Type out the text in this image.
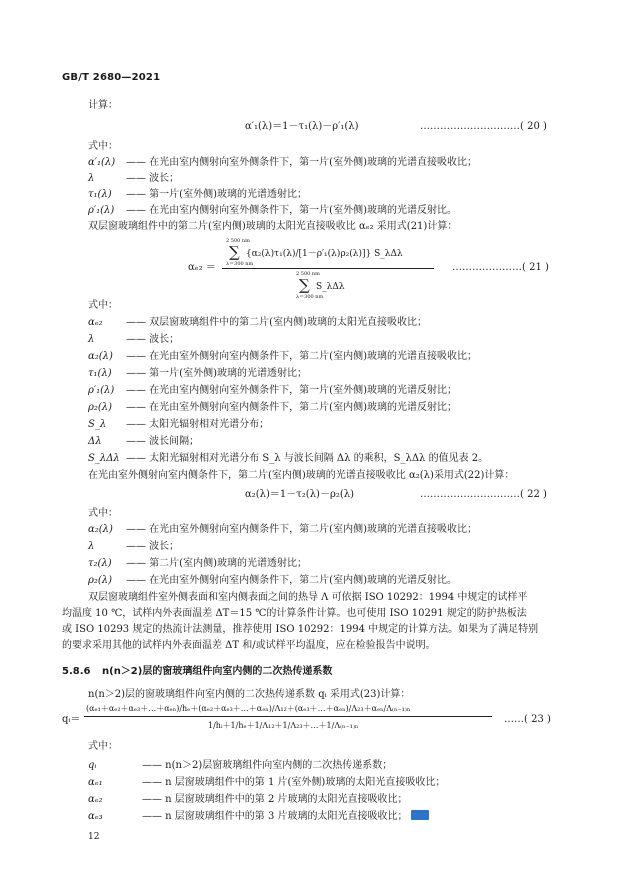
GB/T 2680—2021
计算：
α′₁(λ)＝1－τ₁(λ)－ρ′₁(λ)	…………………………( 20 )
式中：
α′₁(λ) —— 在光由室内侧射向室外侧条件下，第一片(室外侧)玻璃的光谱直接吸收比；
λ	—— 波长；
τ₁(λ) —— 第一片(室外侧)玻璃的光谱透射比；
ρ′₁(λ) —— 在光由室内侧射向室外侧条件下，第一片(室外侧)玻璃的光谱反射比。
双层窗玻璃组件中的第二片(室内侧)玻璃的太阳光直接吸收比 αₑ₂ 采用式(21)计算：
αₑ₂ ＝
2 500 nm
∑
λ＝300 nm
{α₂(λ)τ₁(λ)/[1－ρ′₁(λ)ρ₂(λ)]} S_λΔλ
2 500 nm
∑
λ＝300 nm
S_λΔλ
…………………( 21 )
式中：
αₑ₂ —— 双层窗玻璃组件中的第二片(室内侧)玻璃的太阳光直接吸收比；
λ	—— 波长；
α₂(λ) —— 在光由室外侧射向室内侧条件下，第二片(室内侧)玻璃的光谱直接吸收比；
τ₁(λ) —— 第一片(室外侧)玻璃的光谱透射比；
ρ′₁(λ) —— 在光由室内侧射向室外侧条件下，第一片(室外侧)玻璃的光谱反射比；
ρ₂(λ) —— 在光由室外侧射向室内侧条件下，第二片(室内侧)玻璃的光谱反射比；
S_λ —— 太阳光辐射相对光谱分布；
Δλ —— 波长间隔；
S_λΔλ —— 太阳光辐射相对光谱分布 S_λ 与波长间隔 Δλ 的乘积，S_λΔλ 的值见表 2。
在光由室外侧射向室内侧条件下，第二片(室内侧)玻璃的光谱直接吸收比 α₂(λ)采用式(22)计算：
α₂(λ)＝1－τ₂(λ)－ρ₂(λ)	…………………………( 22 )
式中：
α₂(λ) —— 在光由室外侧射向室内侧条件下，第二片(室内侧)玻璃的光谱直接吸收比；
λ	—— 波长；
τ₂(λ) —— 第二片(室内侧)玻璃的光谱透射比；
ρ₂(λ) —— 在光由室外侧射向室内侧条件下，第二片(室内侧)玻璃的光谱反射比。
双层窗玻璃组件室外侧表面和室内侧表面之间的热导 Λ 可依据 ISO 10292：1994 中规定的试样平
均温度 10 ℃，试样内外表面温差 ΔT＝15 ℃的计算条件计算。也可使用 ISO 10291 规定的防护热板法
或 ISO 10293 规定的热流计法测量，推荐使用 ISO 10292：1994 中规定的计算方法。如果为了满足特别
的要求采用其他的试样内外表面温差 ΔT 和/或试样平均温度，应在检验报告中说明。
5.8.6 n(n＞2)层的窗玻璃组件向室内侧的二次热传递系数
n(n＞2)层的窗玻璃组件向室内侧的二次热传递系数 qᵢ 采用式(23)计算：
qᵢ＝
(αₑ₁＋αₑ₂＋αₑ₃＋…＋αₑₙ)/hₑ＋(αₑ₂＋αₑ₃＋…＋αₑₙ)/Λ₁₂＋(αₑ₃＋…＋αₑₙ)/Λ₂₃＋αₑₙ/Λ₍ₙ₋₁₎ₙ
1/hᵢ＋1/hₑ＋1/Λ₁₂＋1/Λ₂₃＋…＋1/Λ₍ₙ₋₁₎ₙ
……( 23 )
式中：
qᵢ	—— n(n＞2)层窗玻璃组件向室内侧的二次热传递系数；
αₑ₁	—— n 层窗玻璃组件中的第 1 片(室外侧)玻璃的太阳光直接吸收比；
αₑ₂	—— n 层窗玻璃组件中的第 2 片玻璃的太阳光直接吸收比；
αₑ₃	—— n 层窗玻璃组件中的第 3 片玻璃的太阳光直接吸收比；
12
